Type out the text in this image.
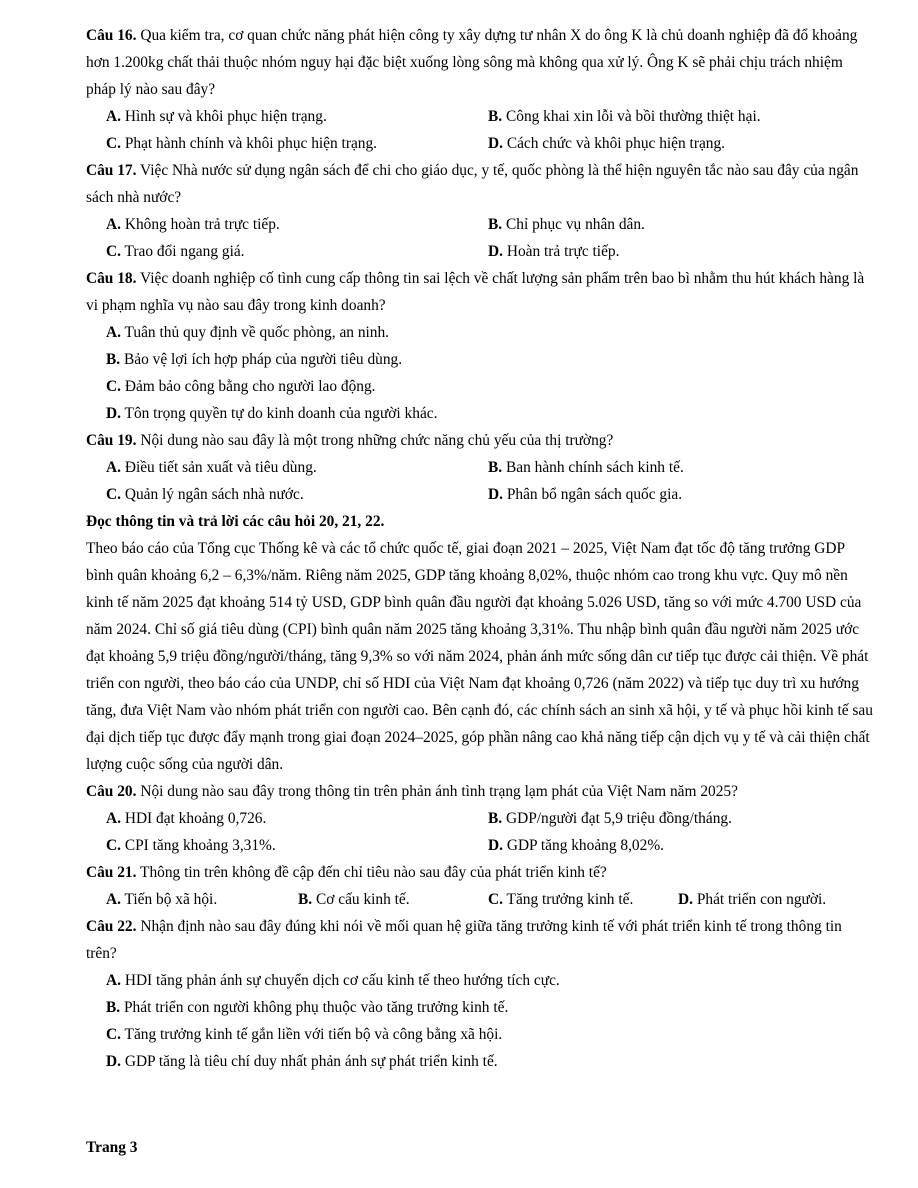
Câu 16. Qua kiểm tra, cơ quan chức năng phát hiện công ty xây dựng tư nhân X do ông K là chủ doanh nghiệp đã đổ khoảng hơn 1.200kg chất thải thuộc nhóm nguy hại đặc biệt xuống lòng sông mà không qua xử lý. Ông K sẽ phải chịu trách nhiệm pháp lý nào sau đây?

A. Hình sự và khôi phục hiện trạng.	B. Công khai xin lỗi và bồi thường thiệt hại.
C. Phạt hành chính và khôi phục hiện trạng.	D. Cách chức và khôi phục hiện trạng.

Câu 17. Việc Nhà nước sử dụng ngân sách để chi cho giáo dục, y tế, quốc phòng là thể hiện nguyên tắc nào sau đây của ngân sách nhà nước?

A. Không hoàn trả trực tiếp.	B. Chỉ phục vụ nhân dân.
C. Trao đổi ngang giá.	D. Hoàn trả trực tiếp.

Câu 18. Việc doanh nghiệp cố tình cung cấp thông tin sai lệch về chất lượng sản phẩm trên bao bì nhằm thu hút khách hàng là vi phạm nghĩa vụ nào sau đây trong kinh doanh?

A. Tuân thủ quy định về quốc phòng, an ninh.
B. Bảo vệ lợi ích hợp pháp của người tiêu dùng.
C. Đảm bảo công bằng cho người lao động.
D. Tôn trọng quyền tự do kinh doanh của người khác.

Câu 19. Nội dung nào sau đây là một trong những chức năng chủ yếu của thị trường?

A. Điều tiết sản xuất và tiêu dùng.	B. Ban hành chính sách kinh tế.
C. Quản lý ngân sách nhà nước.	D. Phân bổ ngân sách quốc gia.

Đọc thông tin và trả lời các câu hỏi 20, 21, 22.

Theo báo cáo của Tổng cục Thống kê và các tổ chức quốc tế, giai đoạn 2021 – 2025, Việt Nam đạt tốc độ tăng trưởng GDP bình quân khoảng 6,2 – 6,3%/năm. Riêng năm 2025, GDP tăng khoảng 8,02%, thuộc nhóm cao trong khu vực. Quy mô nền kinh tế năm 2025 đạt khoảng 514 tỷ USD, GDP bình quân đầu người đạt khoảng 5.026 USD, tăng so với mức 4.700 USD của năm 2024. Chỉ số giá tiêu dùng (CPI) bình quân năm 2025 tăng khoảng 3,31%. Thu nhập bình quân đầu người năm 2025 ước đạt khoảng 5,9 triệu đồng/người/tháng, tăng 9,3% so với năm 2024, phản ánh mức sống dân cư tiếp tục được cải thiện. Về phát triển con người, theo báo cáo của UNDP, chỉ số HDI của Việt Nam đạt khoảng 0,726 (năm 2022) và tiếp tục duy trì xu hướng tăng, đưa Việt Nam vào nhóm phát triển con người cao. Bên cạnh đó, các chính sách an sinh xã hội, y tế và phục hồi kinh tế sau đại dịch tiếp tục được đẩy mạnh trong giai đoạn 2024–2025, góp phần nâng cao khả năng tiếp cận dịch vụ y tế và cải thiện chất lượng cuộc sống của người dân.

Câu 20. Nội dung nào sau đây trong thông tin trên phản ánh tình trạng lạm phát của Việt Nam năm 2025?

A. HDI đạt khoảng 0,726.	B. GDP/người đạt 5,9 triệu đồng/tháng.
C. CPI tăng khoảng 3,31%.	D. GDP tăng khoảng 8,02%.

Câu 21. Thông tin trên không đề cập đến chỉ tiêu nào sau đây của phát triển kinh tế?

A. Tiến bộ xã hội.	B. Cơ cấu kinh tế.	C. Tăng trưởng kinh tế.	D. Phát triển con người.

Câu 22. Nhận định nào sau đây đúng khi nói về mối quan hệ giữa tăng trưởng kinh tế với phát triển kinh tế trong thông tin trên?

A. HDI tăng phản ánh sự chuyển dịch cơ cấu kinh tế theo hướng tích cực.
B. Phát triển con người không phụ thuộc vào tăng trưởng kinh tế.
C. Tăng trưởng kinh tế gắn liền với tiến bộ và công bằng xã hội.
D. GDP tăng là tiêu chí duy nhất phản ánh sự phát triển kinh tế.
Trang 3
